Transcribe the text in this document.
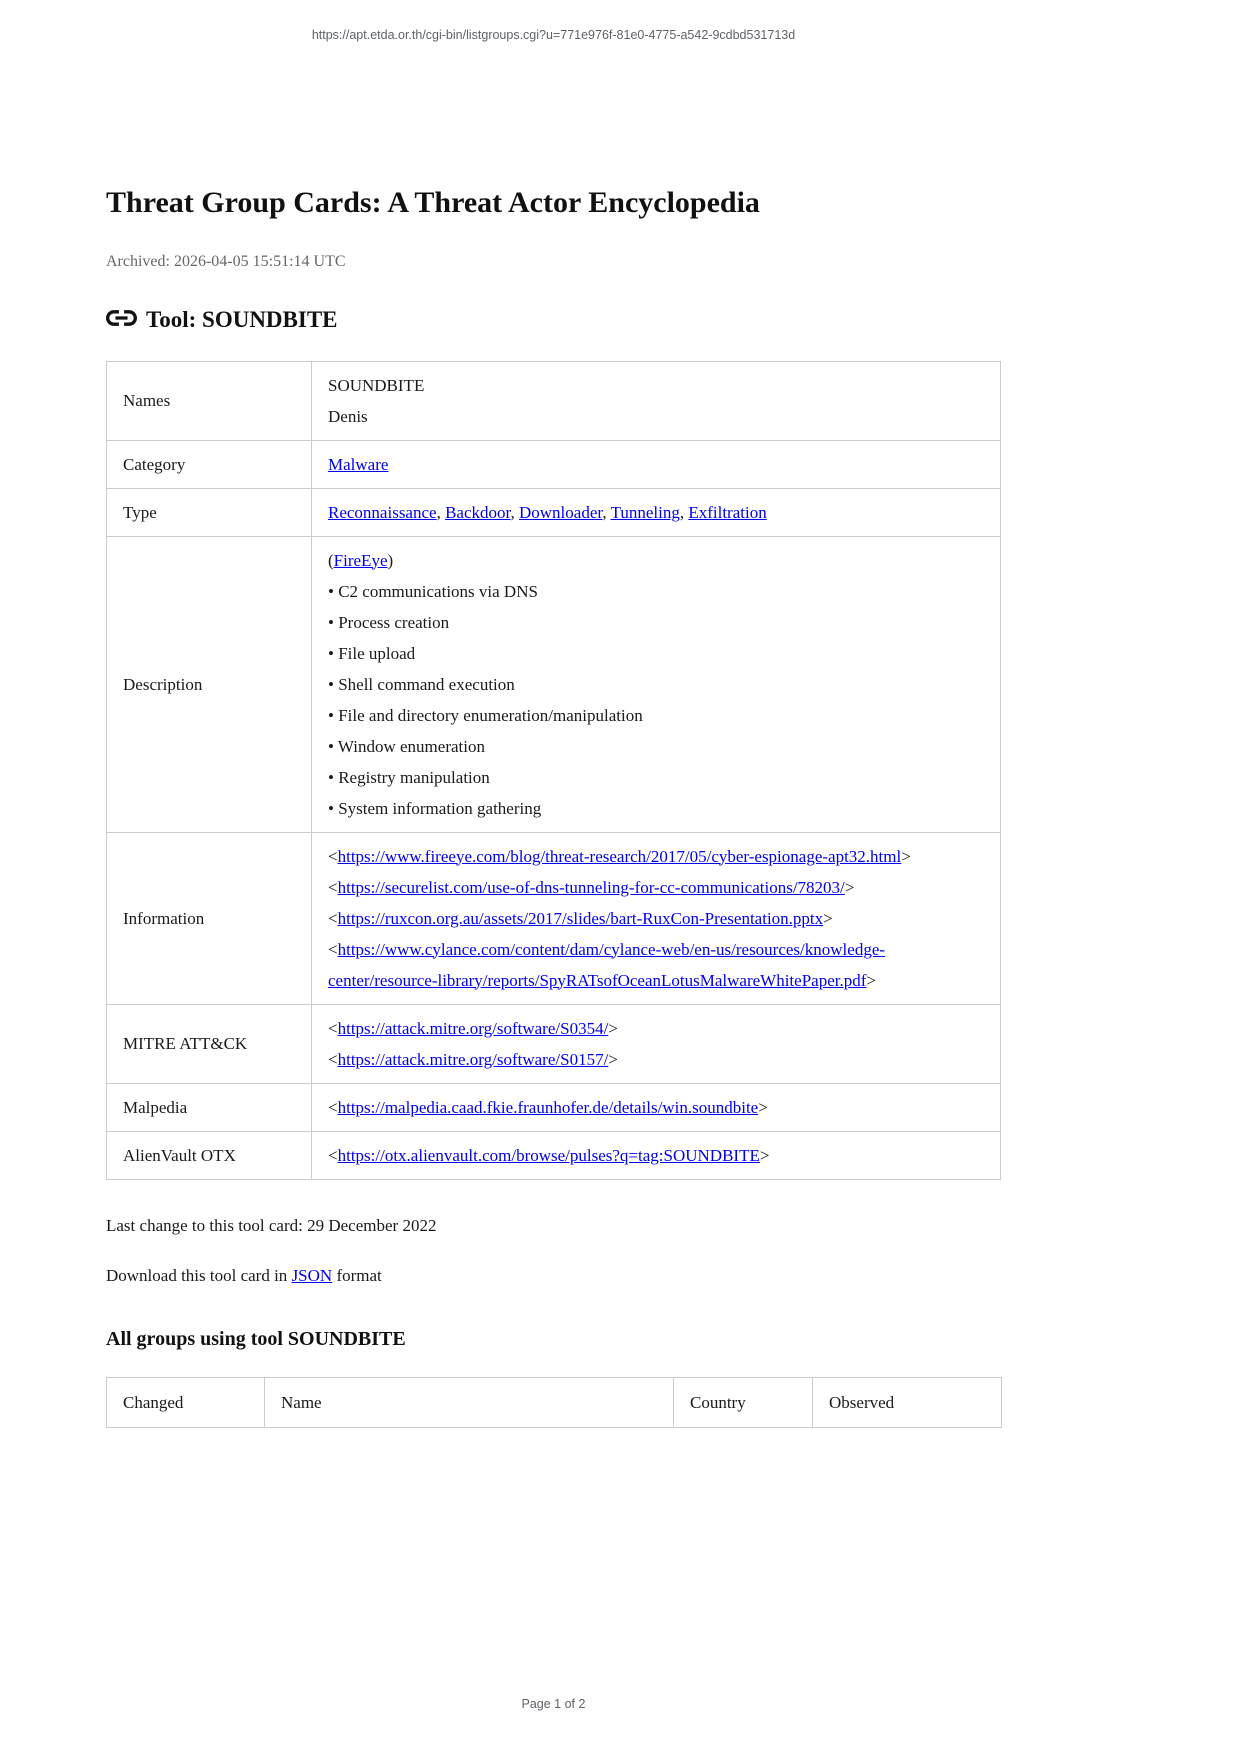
https://apt.etda.or.th/cgi-bin/listgroups.cgi?u=771e976f-81e0-4775-a542-9cdbd531713d
Threat Group Cards: A Threat Actor Encyclopedia
Archived: 2026-04-05 15:51:14 UTC
Tool: SOUNDBITE
Names	SOUNDBITE
Denis

Category	Malware

Type	Reconnaissance, Backdoor, Downloader, Tunneling, Exfiltration

Description	
(FireEye)
• C2 communications via DNS
• Process creation
• File upload
• Shell command execution
• File and directory enumeration/manipulation
• Window enumeration
• Registry manipulation
• System information gathering

Information	<https://www.fireeye.com/blog/threat-research/2017/05/cyber-espionage-apt32.html>
<https://securelist.com/use-of-dns-tunneling-for-cc-communications/78203/>
<https://ruxcon.org.au/assets/2017/slides/bart-RuxCon-Presentation.pptx>
<https://www.cylance.com/content/dam/cylance-web/en-us/resources/knowledge-center/resource-library/reports/SpyRATsofOceanLotusMalwareWhitePaper.pdf>

MITRE ATT&CK	<https://attack.mitre.org/software/S0354/>
<https://attack.mitre.org/software/S0157/>

Malpedia	<https://malpedia.caad.fkie.fraunhofer.de/details/win.soundbite>

AlienVault OTX	<https://otx.alienvault.com/browse/pulses?q=tag:SOUNDBITE>

Last change to this tool card: 29 December 2022

Download this tool card in JSON format

All groups using tool SOUNDBITE
Changed	Name	Country	Observed
Page 1 of 2
